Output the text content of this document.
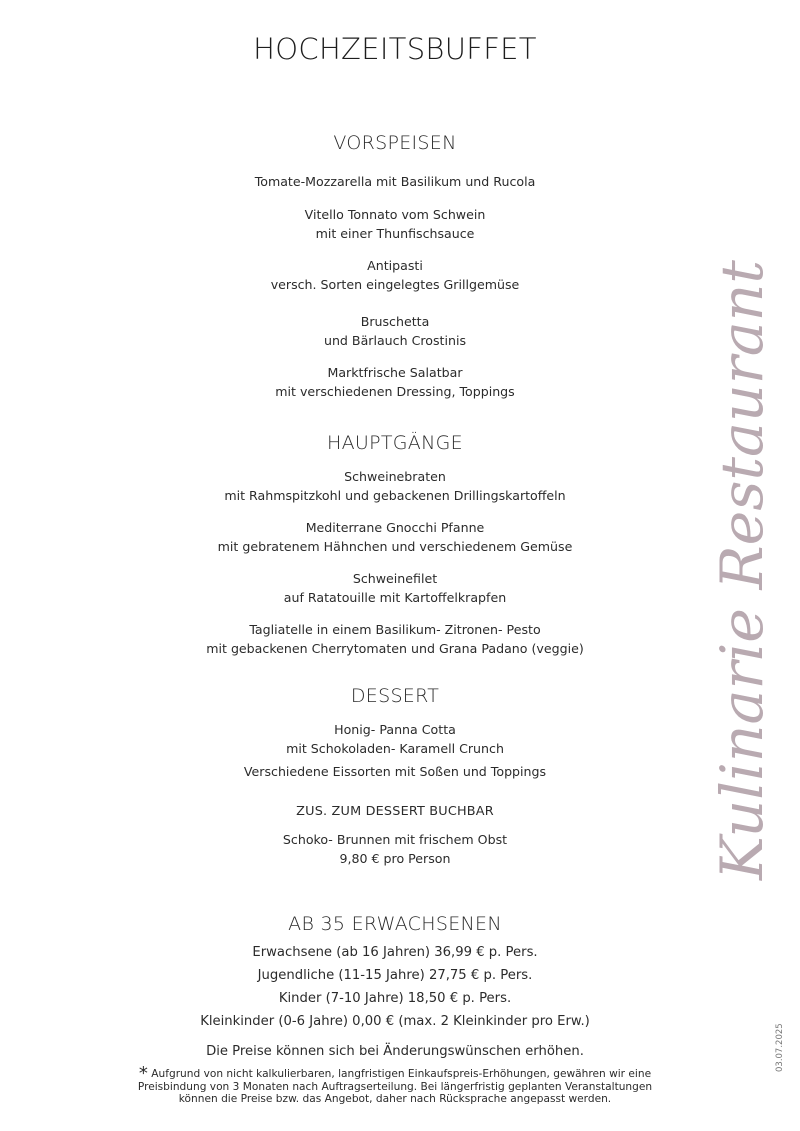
HOCHZEITSBUFFET
VORSPEISEN
Tomate-Mozzarella mit Basilikum und Rucola
Vitello Tonnato vom Schwein
mit einer Thunfischsauce
Antipasti
versch. Sorten eingelegtes Grillgemüse
Bruschetta
und Bärlauch Crostinis
Marktfrische Salatbar
mit verschiedenen Dressing, Toppings
HAUPTGÄNGE
Schweinebraten
mit Rahmspitzkohl und gebackenen Drillingskartoffeln
Mediterrane Gnocchi Pfanne
mit gebratenem Hähnchen und verschiedenem Gemüse
Schweinefilet
auf Ratatouille mit Kartoffelkrapfen
Tagliatelle in einem Basilikum- Zitronen- Pesto
mit gebackenen Cherrytomaten und Grana Padano (veggie)
DESSERT
Honig- Panna Cotta
mit Schokoladen- Karamell Crunch
Verschiedene Eissorten mit Soßen und Toppings
ZUS. ZUM DESSERT BUCHBAR
Schoko- Brunnen mit frischem Obst
9,80 € pro Person
AB 35 ERWACHSENEN
Erwachsene (ab 16 Jahren) 36,99 € p. Pers.
Jugendliche (11-15 Jahre) 27,75 € p. Pers.
Kinder (7-10 Jahre) 18,50 € p. Pers.
Kleinkinder (0-6 Jahre) 0,00 € (max. 2 Kleinkinder pro Erw.)
Die Preise können sich bei Änderungswünschen erhöhen.
* Aufgrund von nicht kalkulierbaren, langfristigen Einkaufspreis-Erhöhungen, gewähren wir eine
Preisbindung von 3 Monaten nach Auftragserteilung. Bei längerfristig geplanten Veranstaltungen
können die Preise bzw. das Angebot, daher nach Rücksprache angepasst werden.
Kulinarie Restaurant
03.07.2025
